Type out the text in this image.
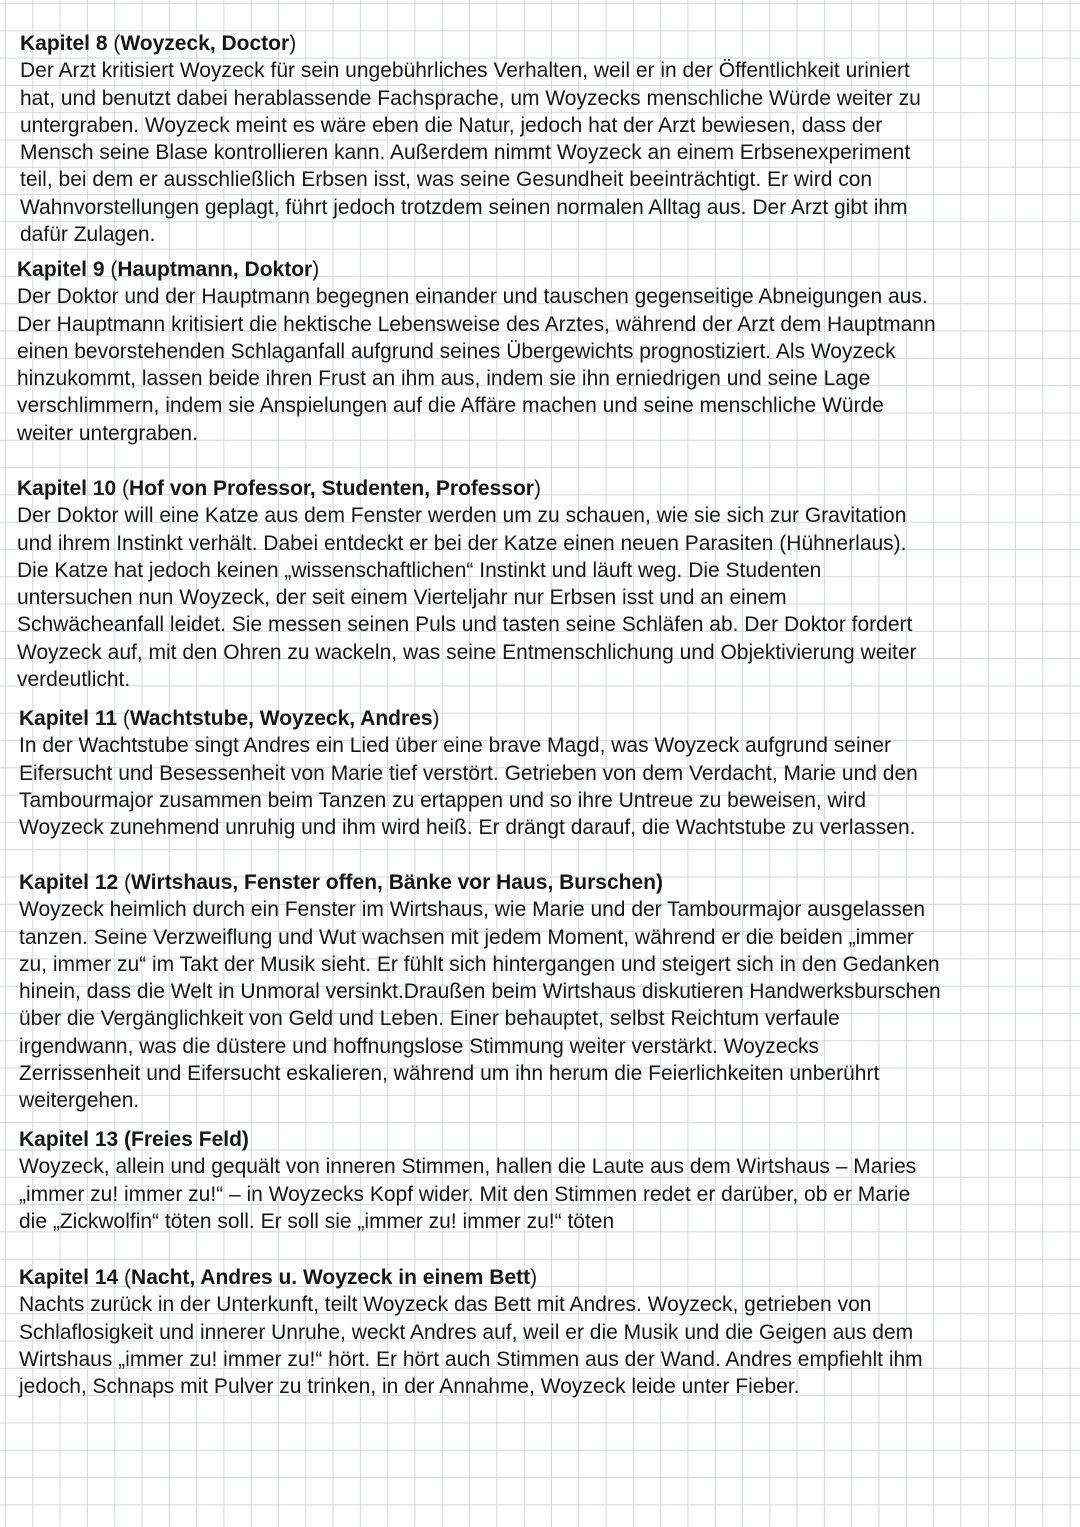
Kapitel 8 (Woyzeck, Doctor)

Der Arzt kritisiert Woyzeck für sein ungebührliches Verhalten, weil er in der Öffentlichkeit uriniert
hat, und benutzt dabei herablassende Fachsprache, um Woyzecks menschliche Würde weiter zu
untergraben. Woyzeck meint es wäre eben die Natur, jedoch hat der Arzt bewiesen, dass der
Mensch seine Blase kontrollieren kann. Außerdem nimmt Woyzeck an einem Erbsenexperiment
teil, bei dem er ausschließlich Erbsen isst, was seine Gesundheit beeinträchtigt. Er wird con
Wahnvorstellungen geplagt, führt jedoch trotzdem seinen normalen Alltag aus. Der Arzt gibt ihm
dafür Zulagen.

Kapitel 9 (Hauptmann, Doktor)

Der Doktor und der Hauptmann begegnen einander und tauschen gegenseitige Abneigungen aus.
Der Hauptmann kritisiert die hektische Lebensweise des Arztes, während der Arzt dem Hauptmann
einen bevorstehenden Schlaganfall aufgrund seines Übergewichts prognostiziert. Als Woyzeck
hinzukommt, lassen beide ihren Frust an ihm aus, indem sie ihn erniedrigen und seine Lage
verschlimmern, indem sie Anspielungen auf die Affäre machen und seine menschliche Würde
weiter untergraben.

Kapitel 10 (Hof von Professor, Studenten, Professor)

Der Doktor will eine Katze aus dem Fenster werden um zu schauen, wie sie sich zur Gravitation
und ihrem Instinkt verhält. Dabei entdeckt er bei der Katze einen neuen Parasiten (Hühnerlaus).
Die Katze hat jedoch keinen „wissenschaftlichen“ Instinkt und läuft weg. Die Studenten
untersuchen nun Woyzeck, der seit einem Vierteljahr nur Erbsen isst und an einem
Schwächeanfall leidet. Sie messen seinen Puls und tasten seine Schläfen ab. Der Doktor fordert
Woyzeck auf, mit den Ohren zu wackeln, was seine Entmenschlichung und Objektivierung weiter
verdeutlicht.

Kapitel 11 (Wachtstube, Woyzeck, Andres)

In der Wachtstube singt Andres ein Lied über eine brave Magd, was Woyzeck aufgrund seiner
Eifersucht und Besessenheit von Marie tief verstört. Getrieben von dem Verdacht, Marie und den
Tambourmajor zusammen beim Tanzen zu ertappen und so ihre Untreue zu beweisen, wird
Woyzeck zunehmend unruhig und ihm wird heiß. Er drängt darauf, die Wachtstube zu verlassen.

Kapitel 12 (Wirtshaus, Fenster offen, Bänke vor Haus, Burschen)

Woyzeck heimlich durch ein Fenster im Wirtshaus, wie Marie und der Tambourmajor ausgelassen
tanzen. Seine Verzweiflung und Wut wachsen mit jedem Moment, während er die beiden „immer
zu, immer zu“ im Takt der Musik sieht. Er fühlt sich hintergangen und steigert sich in den Gedanken
hinein, dass die Welt in Unmoral versinkt.Draußen beim Wirtshaus diskutieren Handwerksburschen
über die Vergänglichkeit von Geld und Leben. Einer behauptet, selbst Reichtum verfaule
irgendwann, was die düstere und hoffnungslose Stimmung weiter verstärkt. Woyzecks
Zerrissenheit und Eifersucht eskalieren, während um ihn herum die Feierlichkeiten unberührt
weitergehen.

Kapitel 13 (Freies Feld)

Woyzeck, allein und gequält von inneren Stimmen, hallen die Laute aus dem Wirtshaus – Maries
„immer zu! immer zu!“ – in Woyzecks Kopf wider. Mit den Stimmen redet er darüber, ob er Marie
die „Zickwolfin“ töten soll. Er soll sie „immer zu! immer zu!“ töten

Kapitel 14 (Nacht, Andres u. Woyzeck in einem Bett)

Nachts zurück in der Unterkunft, teilt Woyzeck das Bett mit Andres. Woyzeck, getrieben von
Schlaflosigkeit und innerer Unruhe, weckt Andres auf, weil er die Musik und die Geigen aus dem
Wirtshaus „immer zu! immer zu!“ hört. Er hört auch Stimmen aus der Wand. Andres empfiehlt ihm
jedoch, Schnaps mit Pulver zu trinken, in der Annahme, Woyzeck leide unter Fieber.
